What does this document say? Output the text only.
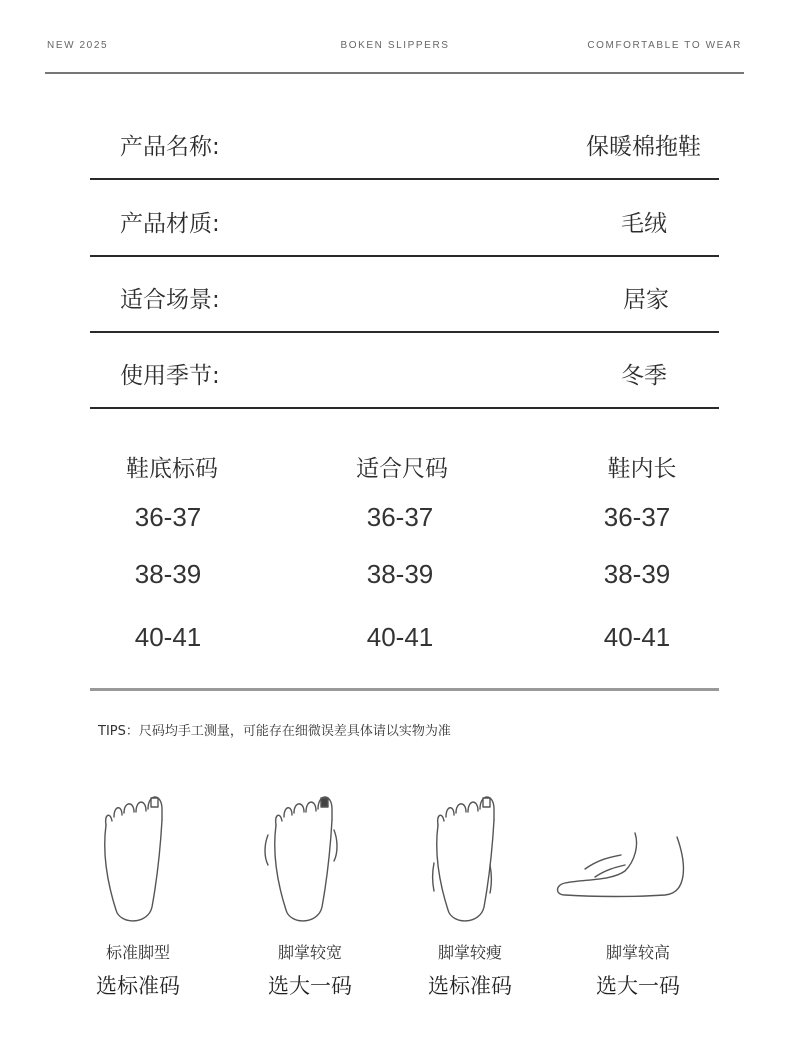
NEW 2025	BOKEN SLIPPERS	COMFORTABLE TO WEAR
产品名称:	保暖棉拖鞋
产品材质:	毛绒
适合场景:	居家
使用季节:	冬季
鞋底标码	适合尺码	鞋内长
36-37	36-37	36-37
38-39	38-39	38-39
40-41	40-41	40-41
TIPS：尺码均手工测量，可能存在细微误差具体请以实物为准
标准脚型	脚掌较宽	脚掌较瘦	脚掌较高
选标准码	选大一码	选标准码	选大一码
